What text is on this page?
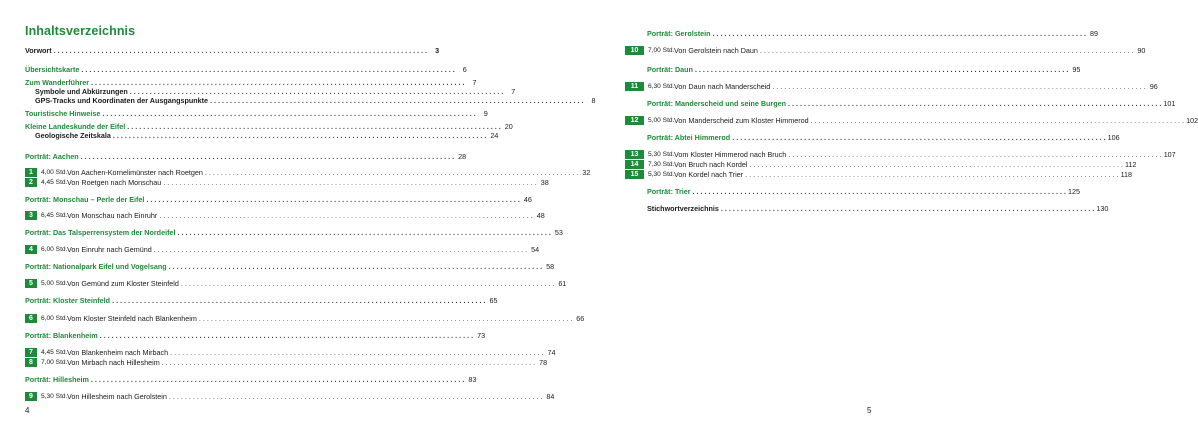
Inhaltsverzeichnis
Vorwort . . .	3
Übersichtskarte . . .	6
Zum Wanderführer . . .	7
Symbole und Abkürzungen . . .	7
GPS-Tracks und Koordinaten der Ausgangspunkte . . .	8
Touristische Hinweise . . .	9
Kleine Landeskunde der Eifel . . .	20
Geologische Zeitskala . . .	24
Porträt: Aachen . . .	28
1	4,00 Std. Von Aachen-Kornelimünster nach Roetgen . . .	32
2	4,45 Std. Von Roetgen nach Monschau . . .	38
Porträt: Monschau – Perle der Eifel . . .	46
3	6,45 Std. Von Monschau nach Einruhr . . .	48
Porträt: Das Talsperrensystem der Nordeifel . . .	53
4	6,00 Std. Von Einruhr nach Gemünd . . .	54
Porträt: Nationalpark Eifel und Vogelsang . . .	58
5	5,00 Std. Von Gemünd zum Kloster Steinfeld . . .	61
Porträt: Kloster Steinfeld . . .	65
6	6,00 Std. Vom Kloster Steinfeld nach Blankenheim . . .	66
Porträt: Blankenheim . . .	73
7	4,45 Std. Von Blankenheim nach Mirbach . . .	74
8	7,00 Std. Von Mirbach nach Hillesheim . . .	78
Porträt: Hillesheim . . .	83
9	5,30 Std. Von Hillesheim nach Gerolstein . . .	84
4
Porträt: Gerolstein . . .	89
10	7,00 Std. Von Gerolstein nach Daun . . .	90
Porträt: Daun . . .	95
11	6,30 Std. Von Daun nach Manderscheid . . .	96
Porträt: Manderscheid und seine Burgen . . .	101
12	5,00 Std. Von Manderscheid zum Kloster Himmerod . . .	102
Porträt: Abtei Himmerod . . .	106
13	5,30 Std. Vom Kloster Himmerod nach Bruch . . .	107
14	7,30 Std. Von Bruch nach Kordel . . .	112
15	5,30 Std. Von Kordel nach Trier . . .	118
Porträt: Trier . . .	125
Stichwortverzeichnis . . .	130
5
